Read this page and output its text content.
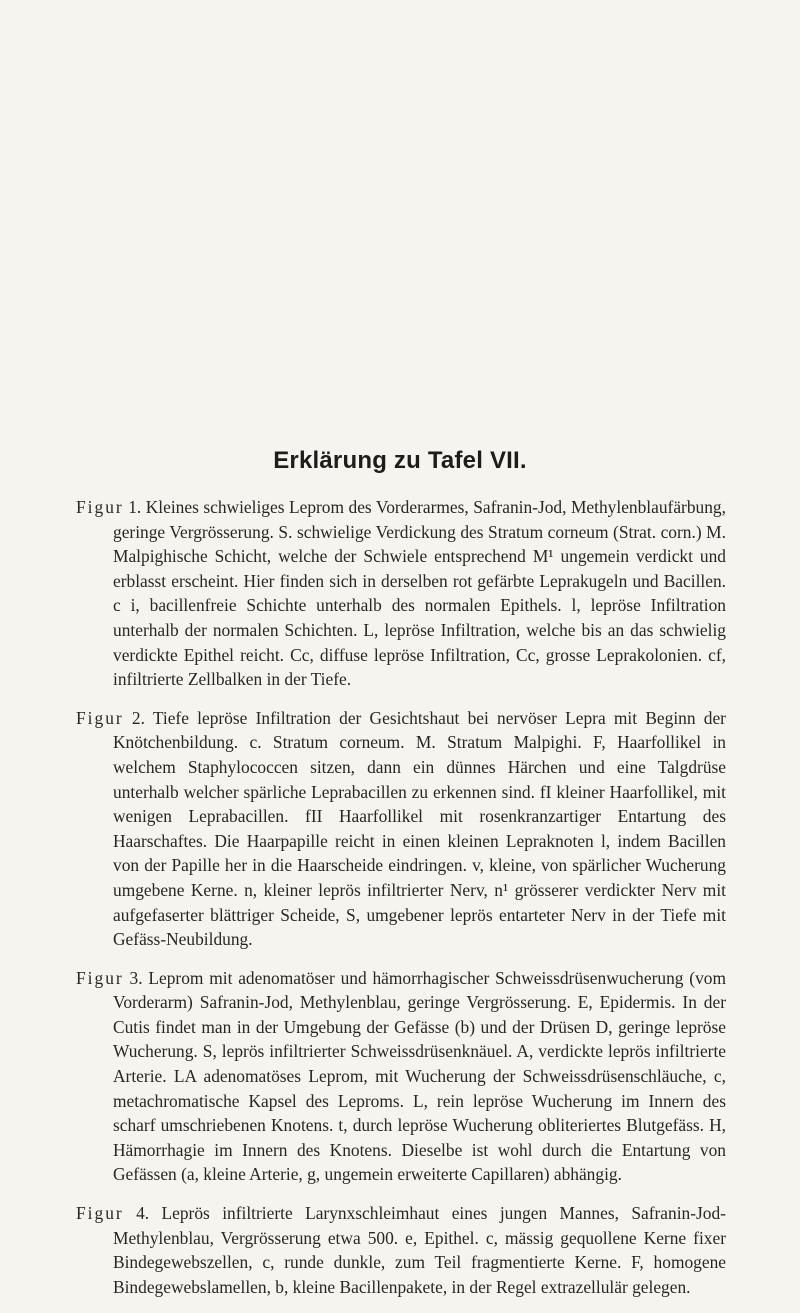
Erklärung zu Tafel VII.

Figur 1. Kleines schwieliges Leprom des Vorderarmes, Safranin-Jod, Methylenblaufärbung, geringe Vergrösserung. S. schwielige Verdickung des Stratum corneum (Strat. corn.) M. Malpighische Schicht, welche der Schwiele entsprechend M¹ ungemein verdickt und erblasst erscheint. Hier finden sich in derselben rot gefärbte Leprakugeln und Bacillen. c i, bacillenfreie Schichte unterhalb des normalen Epithels. l, lepröse Infiltration unterhalb der normalen Schichten. L, lepröse Infiltration, welche bis an das schwielig verdickte Epithel reicht. Cc, diffuse lepröse Infiltration, Cc, grosse Leprakolonien. cf, infiltrierte Zellbalken in der Tiefe.

Figur 2. Tiefe lepröse Infiltration der Gesichtshaut bei nervöser Lepra mit Beginn der Knötchenbildung. c. Stratum corneum. M. Stratum Malpighi. F, Haarfollikel in welchem Staphylococcen sitzen, dann ein dünnes Härchen und eine Talgdrüse unterhalb welcher spärliche Leprabacillen zu erkennen sind. fI kleiner Haarfollikel, mit wenigen Leprabacillen. fII Haarfollikel mit rosenkranzartiger Entartung des Haarschaftes. Die Haarpapille reicht in einen kleinen Lepraknoten l, indem Bacillen von der Papille her in die Haarscheide eindringen. v, kleine, von spärlicher Wucherung umgebene Kerne. n, kleiner leprös infiltrierter Nerv, n¹ grösserer verdickter Nerv mit aufgefaserter blättriger Scheide, S, umgebener leprös entarteter Nerv in der Tiefe mit Gefäss-Neubildung.

Figur 3. Leprom mit adenomatöser und hämorrhagischer Schweissdrüsenwucherung (vom Vorderarm) Safranin-Jod, Methylenblau, geringe Vergrösserung. E, Epidermis. In der Cutis findet man in der Umgebung der Gefässe (b) und der Drüsen D, geringe lepröse Wucherung. S, leprös infiltrierter Schweissdrüsenknäuel. A, verdickte leprös infiltrierte Arterie. LA adenomatöses Leprom, mit Wucherung der Schweissdrüsenschläuche, c, metachromatische Kapsel des Leproms. L, rein lepröse Wucherung im Innern des scharf umschriebenen Knotens. t, durch lepröse Wucherung obliteriertes Blutgefäss. H, Hämorrhagie im Innern des Knotens. Dieselbe ist wohl durch die Entartung von Gefässen (a, kleine Arterie, g, ungemein erweiterte Capillaren) abhängig.

Figur 4. Leprös infiltrierte Larynxschleimhaut eines jungen Mannes, Safranin-Jod-Methylenblau, Vergrösserung etwa 500. e, Epithel. c, mässig gequollene Kerne fixer Bindegewebszellen, c, runde dunkle, zum Teil fragmentierte Kerne. F, homogene Bindegewebslamellen, b, kleine Bacillenpakete, in der Regel extrazellulär gelegen.
